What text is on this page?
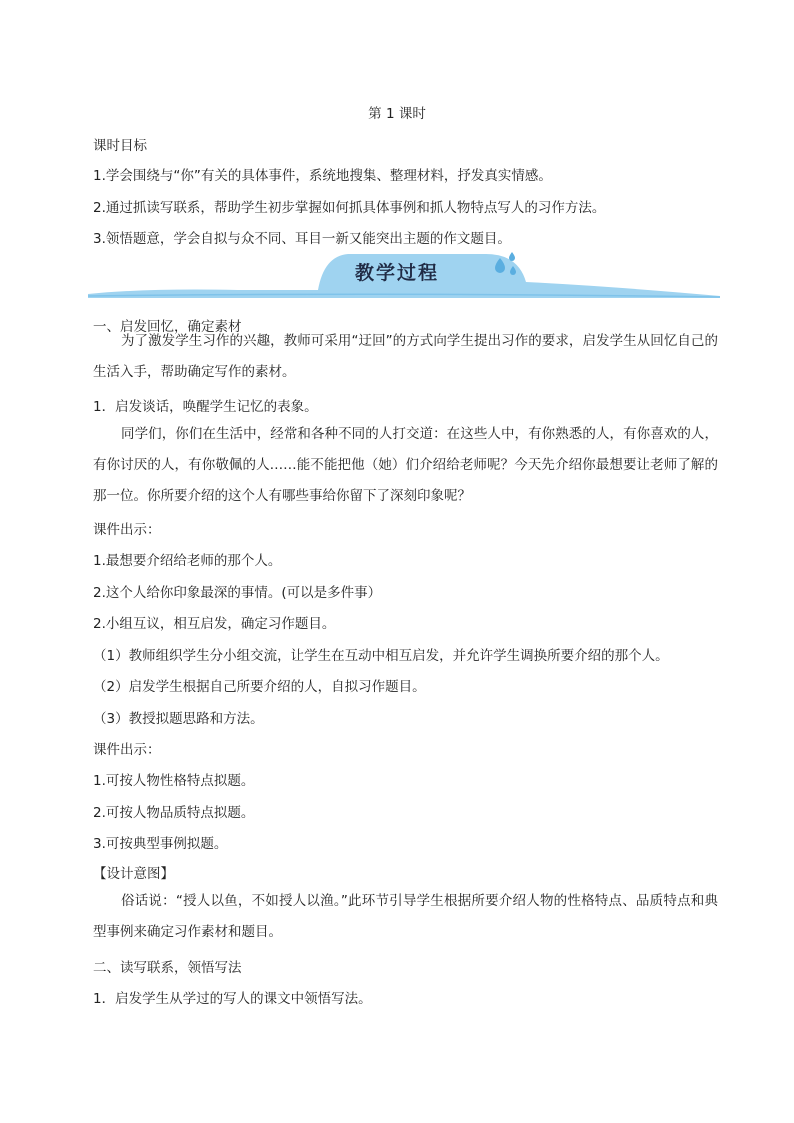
第 1 课时
课时目标
1.学会围绕与“你”有关的具体事件，系统地搜集、整理材料，抒发真实情感。
2.通过抓读写联系，帮助学生初步掌握如何抓具体事例和抓人物特点写人的习作方法。
3.领悟题意，学会自拟与众不同、耳目一新又能突出主题的作文题目。
教学过程
一、启发回忆，确定素材
为了激发学生习作的兴趣，教师可采用“迂回”的方式向学生提出习作的要求，启发学生从回忆自己的生活入手，帮助确定写作的素材。
1．启发谈话，唤醒学生记忆的表象。
同学们，你们在生活中，经常和各种不同的人打交道：在这些人中，有你熟悉的人，有你喜欢的人，有你讨厌的人，有你敬佩的人……能不能把他（她）们介绍给老师呢？今天先介绍你最想要让老师了解的那一位。你所要介绍的这个人有哪些事给你留下了深刻印象呢？
课件出示：
1.最想要介绍给老师的那个人。
2.这个人给你印象最深的事情。(可以是多件事）
2.小组互议，相互启发，确定习作题目。
（1）教师组织学生分小组交流，让学生在互动中相互启发，并允许学生调换所要介绍的那个人。
（2）启发学生根据自己所要介绍的人，自拟习作题目。
（3）教授拟题思路和方法。
课件出示：
1.可按人物性格特点拟题。
2.可按人物品质特点拟题。
3.可按典型事例拟题。
【设计意图】
俗话说：“授人以鱼，不如授人以渔。”此环节引导学生根据所要介绍人物的性格特点、品质特点和典型事例来确定习作素材和题目。
二、读写联系，领悟写法
1．启发学生从学过的写人的课文中领悟写法。
